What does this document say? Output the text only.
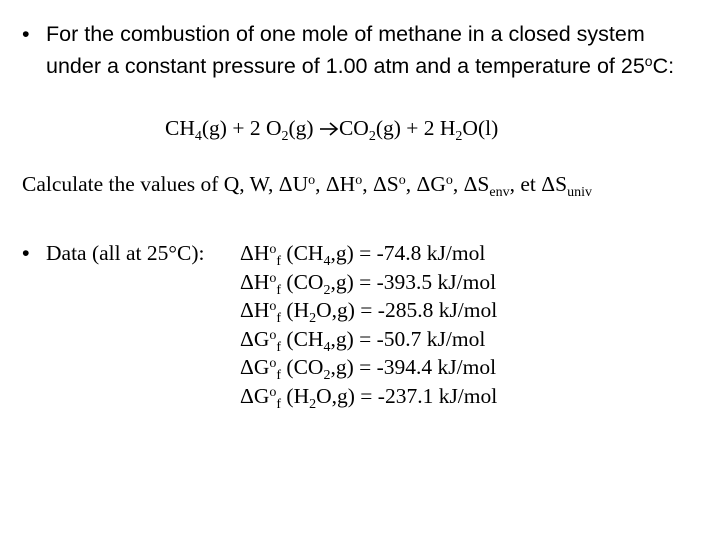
• For the combustion of one mole of methane in a closed system
under a constant pressure of 1.00 atm and a temperature of 25$^o$C:
$CH_4(g) + 2$ $O_2(g) CO_2(g) + 2$ $H_2O(l)$
Calculate the values of Q, W, $\Delta U^o$, $\Delta H^o$, $\Delta S^o$, $\Delta G^o$, $\Delta S_{env}$, et $\Delta S_{univ}$
• Data (all at 25°C): $\Delta H^o_f$ $(CH_4,g) = -74.8$ kJ/mol
$\Delta H^o_f$ $(CO_2,g) = -393.5$ kJ/mol
$\Delta H^o_f$ $(H_2O,g) = -285.8$ kJ/mol
$\Delta G^o_f$ $(CH_4,g) = -50.7$ kJ/mol
$\Delta G^o_f$ $(CO_2,g) = -394.4$ kJ/mol
$\Delta G^o_f$ $(H_2O,g) = -237.1$ kJ/mol
